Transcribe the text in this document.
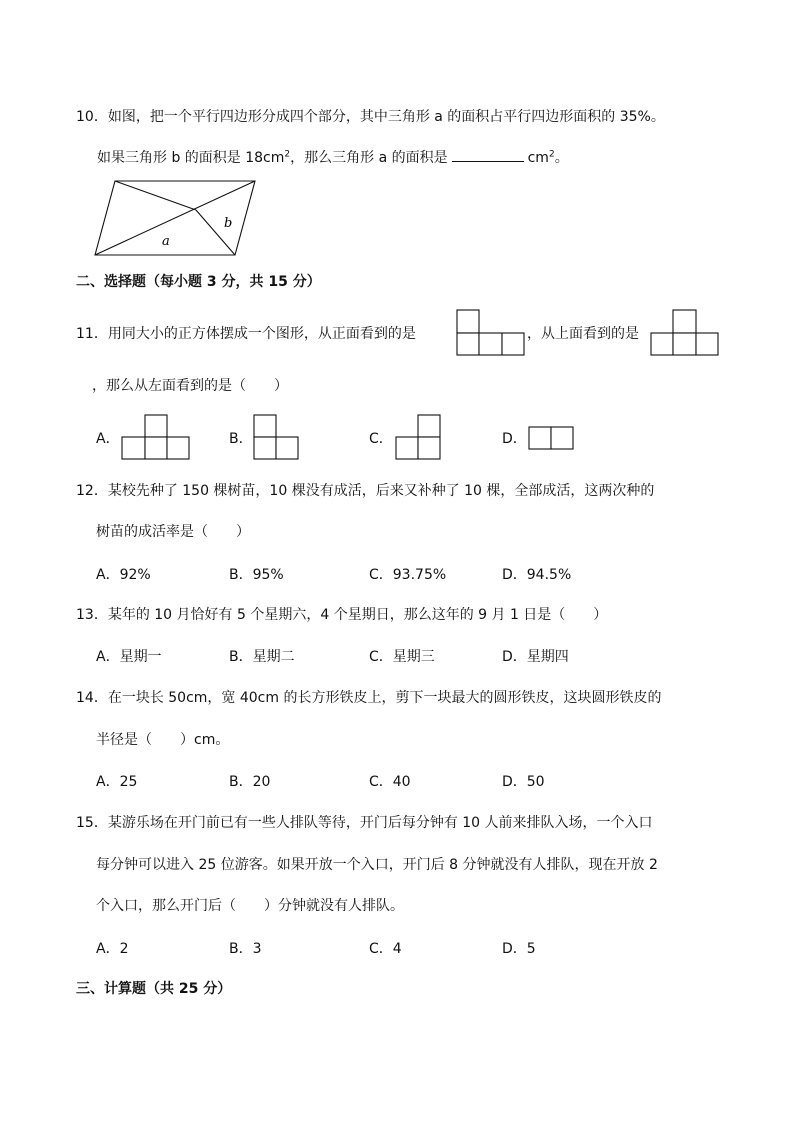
10．如图，把一个平行四边形分成四个部分，其中三角形 a 的面积占平行四边形面积的 35%。
如果三角形 b 的面积是 $18cm^2$，那么三角形 a 的面积是	$cm^2$。
a
b
二、选择题（每小题 3 分，共 15 分）
11．用同大小的正方体摆成一个图形，从正面看到的是	，从上面看到的是
，那么从左面看到的是（　　）
A．	B．	C．	D．
12．某校先种了 150 棵树苗，10 棵没有成活，后来又补种了 10 棵，全部成活，这两次种的
树苗的成活率是（　　）
A．92%	B．95%	C．93.75%	D．94.5%
13．某年的 10 月恰好有 5 个星期六，4 个星期日，那么这年的 9 月 1 日是（　　）
A．星期一	B．星期二	C．星期三	D．星期四
14．在一块长 50cm，宽 40cm 的长方形铁皮上，剪下一块最大的圆形铁皮，这块圆形铁皮的
半径是（　　）cm。
A．25	B．20	C．40	D．50
15．某游乐场在开门前已有一些人排队等待，开门后每分钟有 10 人前来排队入场，一个入口
每分钟可以进入 25 位游客。如果开放一个入口，开门后 8 分钟就没有人排队，现在开放 2
个入口，那么开门后（　　）分钟就没有人排队。
A．2	B．3	C．4	D．5
三、计算题（共 25 分）
